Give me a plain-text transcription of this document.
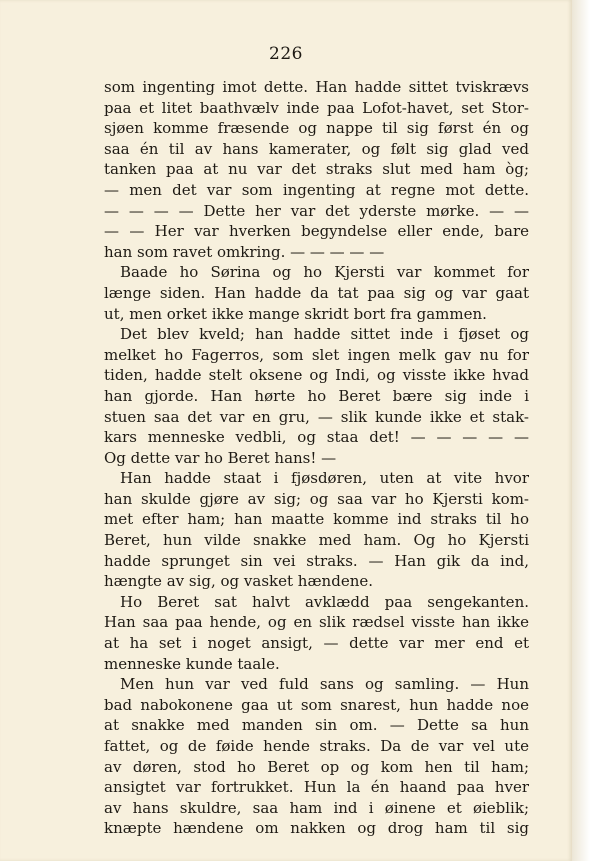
226
som ingenting imot dette. Han hadde sittet tviskrævs
paa et litet baathvælv inde paa Lofot-havet, set Stor-
sjøen komme fræsende og nappe til sig først én og
saa én til av hans kamerater, og følt sig glad ved
tanken paa at nu var det straks slut med ham òg;
— men det var som ingenting at regne mot dette.
— — — — Dette her var det yderste mørke. — —
— — Her var hverken begyndelse eller ende, bare
han som ravet omkring. — — — — —
Baade ho Sørina og ho Kjersti var kommet for
længe siden. Han hadde da tat paa sig og var gaat
ut, men orket ikke mange skridt bort fra gammen.
Det blev kveld; han hadde sittet inde i fjøset og
melket ho Fagerros, som slet ingen melk gav nu for
tiden, hadde stelt oksene og Indi, og visste ikke hvad
han gjorde. Han hørte ho Beret bære sig inde i
stuen saa det var en gru, — slik kunde ikke et stak-
kars menneske vedbli, og staa det! — — — — —
Og dette var ho Beret hans! —
Han hadde staat i fjøsdøren, uten at vite hvor
han skulde gjøre av sig; og saa var ho Kjersti kom-
met efter ham; han maatte komme ind straks til ho
Beret, hun vilde snakke med ham. Og ho Kjersti
hadde sprunget sin vei straks. — Han gik da ind,
hængte av sig, og vasket hændene.
Ho Beret sat halvt avklædd paa sengekanten.
Han saa paa hende, og en slik rædsel visste han ikke
at ha set i noget ansigt, — dette var mer end et
menneske kunde taale.
Men hun var ved fuld sans og samling. — Hun
bad nabokonene gaa ut som snarest, hun hadde noe
at snakke med manden sin om. — Dette sa hun
fattet, og de føide hende straks. Da de var vel ute
av døren, stod ho Beret op og kom hen til ham;
ansigtet var fortrukket. Hun la én haand paa hver
av hans skuldre, saa ham ind i øinene et øieblik;
knæpte hændene om nakken og drog ham til sig
